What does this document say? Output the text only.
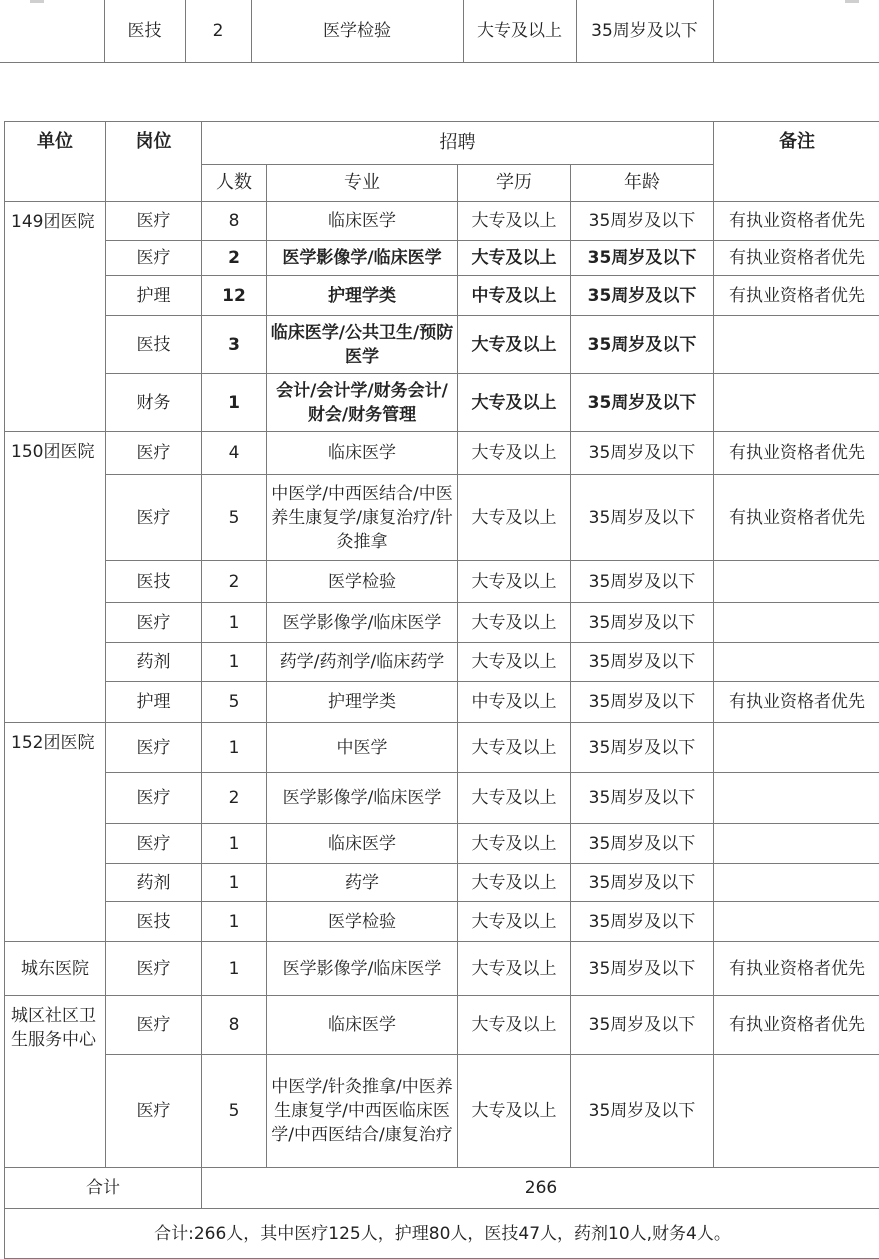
	医技	2	医学检验	大专及以上	35周岁及以下	
单位	岗位	招聘				备注
		人数	专业	学历	年龄	
149团医院	医疗	8	临床医学	大专及以上	35周岁及以下	有执业资格者优先
	医疗	2	医学影像学/临床医学	大专及以上	35周岁及以下	有执业资格者优先
	护理	12	护理学类	中专及以上	35周岁及以下	有执业资格者优先
	医技	3	临床医学/公共卫生/预防医学	大专及以上	35周岁及以下	
	财务	1	会计/会计学/财务会计/财会/财务管理	大专及以上	35周岁及以下	
150团医院	医疗	4	临床医学	大专及以上	35周岁及以下	有执业资格者优先
	医疗	5	中医学/中西医结合/中医养生康复学/康复治疗/针灸推拿	大专及以上	35周岁及以下	有执业资格者优先
	医技	2	医学检验	大专及以上	35周岁及以下	
	医疗	1	医学影像学/临床医学	大专及以上	35周岁及以下	
	药剂	1	药学/药剂学/临床药学	大专及以上	35周岁及以下	
	护理	5	护理学类	中专及以上	35周岁及以下	有执业资格者优先
152团医院	医疗	1	中医学	大专及以上	35周岁及以下	
	医疗	2	医学影像学/临床医学	大专及以上	35周岁及以下	
	医疗	1	临床医学	大专及以上	35周岁及以下	
	药剂	1	药学	大专及以上	35周岁及以下	
	医技	1	医学检验	大专及以上	35周岁及以下	
城东医院	医疗	1	医学影像学/临床医学	大专及以上	35周岁及以下	有执业资格者优先
城区社区卫生服务中心	医疗	8	临床医学	大专及以上	35周岁及以下	有执业资格者优先
	医疗	5	中医学/针灸推拿/中医养生康复学/中西医临床医学/中西医结合/康复治疗	大专及以上	35周岁及以下	
合计		266				
合计:266人，其中医疗125人，护理80人，医技47人，药剂10人,财务4人。						
